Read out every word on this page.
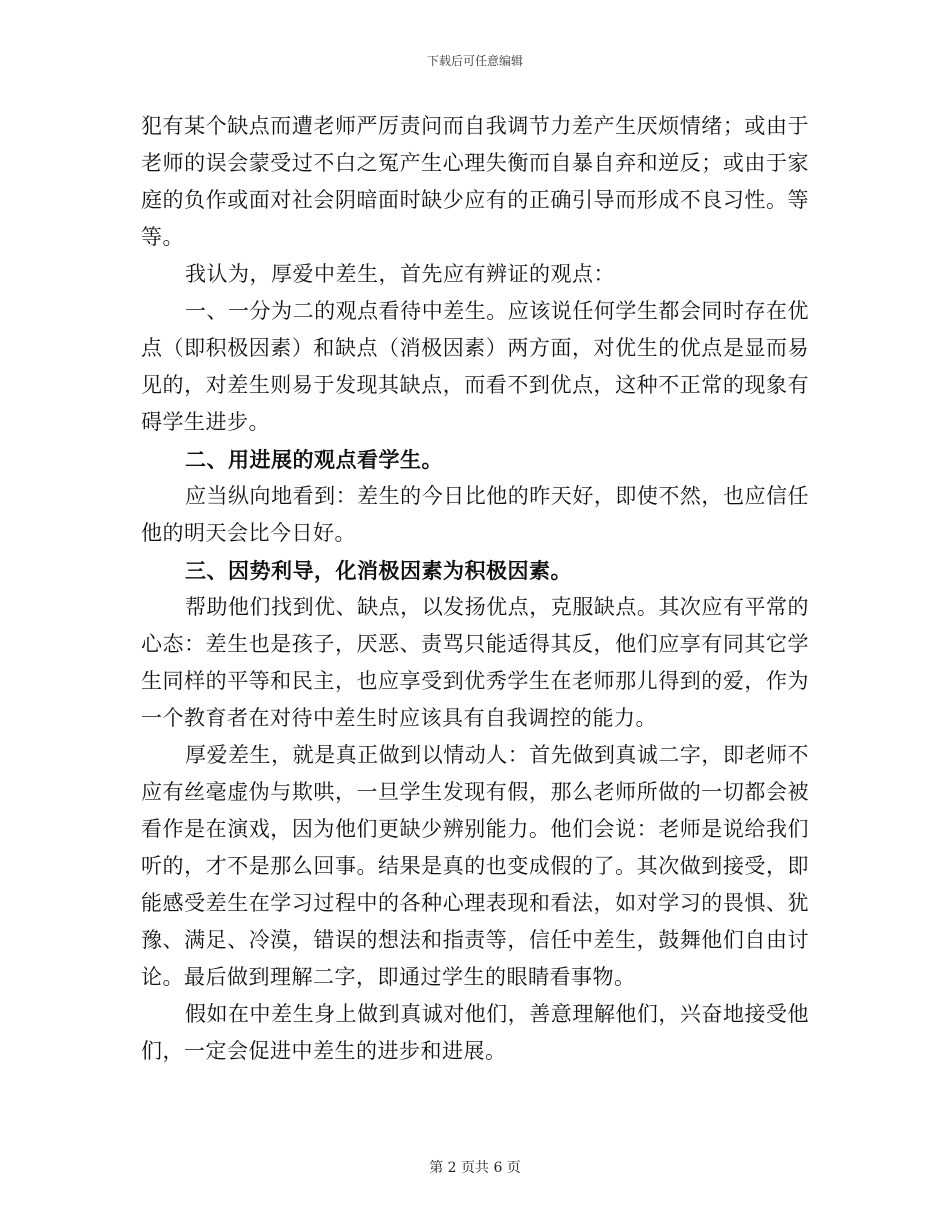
下载后可任意编辑

犯有某个缺点而遭老师严厉责问而自我调节力差产生厌烦情绪；或由于老师的误会蒙受过不白之冤产生心理失衡而自暴自弃和逆反；或由于家庭的负作或面对社会阴暗面时缺少应有的正确引导而形成不良习性。等等。

我认为，厚爱中差生，首先应有辨证的观点：

一、一分为二的观点看待中差生。应该说任何学生都会同时存在优点（即积极因素）和缺点（消极因素）两方面，对优生的优点是显而易见的，对差生则易于发现其缺点，而看不到优点，这种不正常的现象有碍学生进步。

二、用进展的观点看学生。

应当纵向地看到：差生的今日比他的昨天好，即使不然，也应信任他的明天会比今日好。

三、因势利导，化消极因素为积极因素。

帮助他们找到优、缺点，以发扬优点，克服缺点。其次应有平常的心态：差生也是孩子，厌恶、责骂只能适得其反，他们应享有同其它学生同样的平等和民主，也应享受到优秀学生在老师那儿得到的爱，作为一个教育者在对待中差生时应该具有自我调控的能力。

厚爱差生，就是真正做到以情动人：首先做到真诚二字，即老师不应有丝毫虚伪与欺哄，一旦学生发现有假，那么老师所做的一切都会被看作是在演戏，因为他们更缺少辨别能力。他们会说：老师是说给我们听的，才不是那么回事。结果是真的也变成假的了。其次做到接受，即能感受差生在学习过程中的各种心理表现和看法，如对学习的畏惧、犹豫、满足、冷漠，错误的想法和指责等，信任中差生，鼓舞他们自由讨论。最后做到理解二字，即通过学生的眼睛看事物。

假如在中差生身上做到真诚对他们，善意理解他们，兴奋地接受他们，一定会促进中差生的进步和进展。

第 2 页共 6 页
